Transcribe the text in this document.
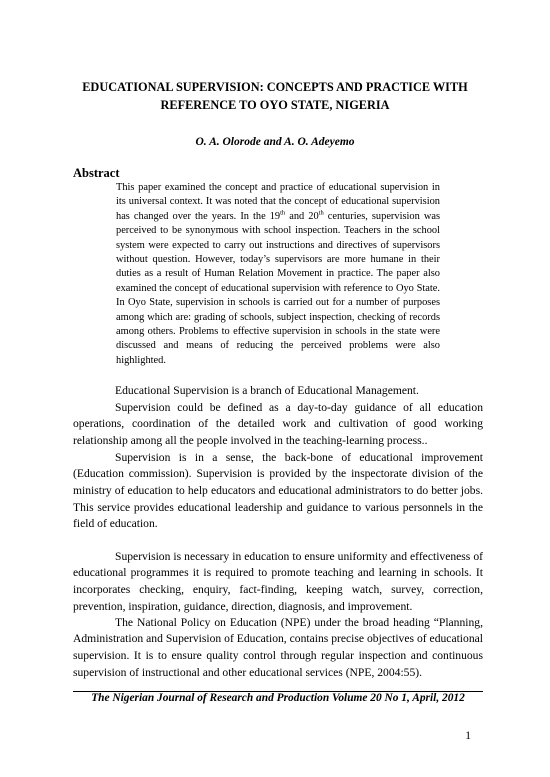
EDUCATIONAL SUPERVISION: CONCEPTS AND PRACTICE WITH
REFERENCE TO OYO STATE, NIGERIA
O. A. Olorode and A. O. Adeyemo
Abstract

This paper examined the concept and practice of educational supervision in its universal context. It was noted that the concept of educational supervision has changed over the years. In the 19th and 20th centuries, supervision was perceived to be synonymous with school inspection. Teachers in the school system were expected to carry out instructions and directives of supervisors without question. However, today’s supervisors are more humane in their duties as a result of Human Relation Movement in practice. The paper also examined the concept of educational supervision with reference to Oyo State. In Oyo State, supervision in schools is carried out for a number of purposes among which are: grading of schools, subject inspection, checking of records among others. Problems to effective supervision in schools in the state were discussed and means of reducing the perceived problems were also highlighted.

Educational Supervision is a branch of Educational Management.

Supervision could be defined as a day-to-day guidance of all education operations, coordination of the detailed work and cultivation of good working relationship among all the people involved in the teaching-learning process..

Supervision is in a sense, the back-bone of educational improvement (Education commission). Supervision is provided by the inspectorate division of the ministry of education to help educators and educational administrators to do better jobs. This service provides educational leadership and guidance to various personnels in the field of education.

Supervision is necessary in education to ensure uniformity and effectiveness of educational programmes it is required to promote teaching and learning in schools. It incorporates checking, enquiry, fact-finding, keeping watch, survey, correction, prevention, inspiration, guidance, direction, diagnosis, and improvement.

The National Policy on Education (NPE) under the broad heading “Planning, Administration and Supervision of Education, contains precise objectives of educational supervision. It is to ensure quality control through regular inspection and continuous supervision of instructional and other educational services (NPE, 2004:55).

The Nigerian Journal of Research and Production Volume 20 No 1, April, 2012
1
